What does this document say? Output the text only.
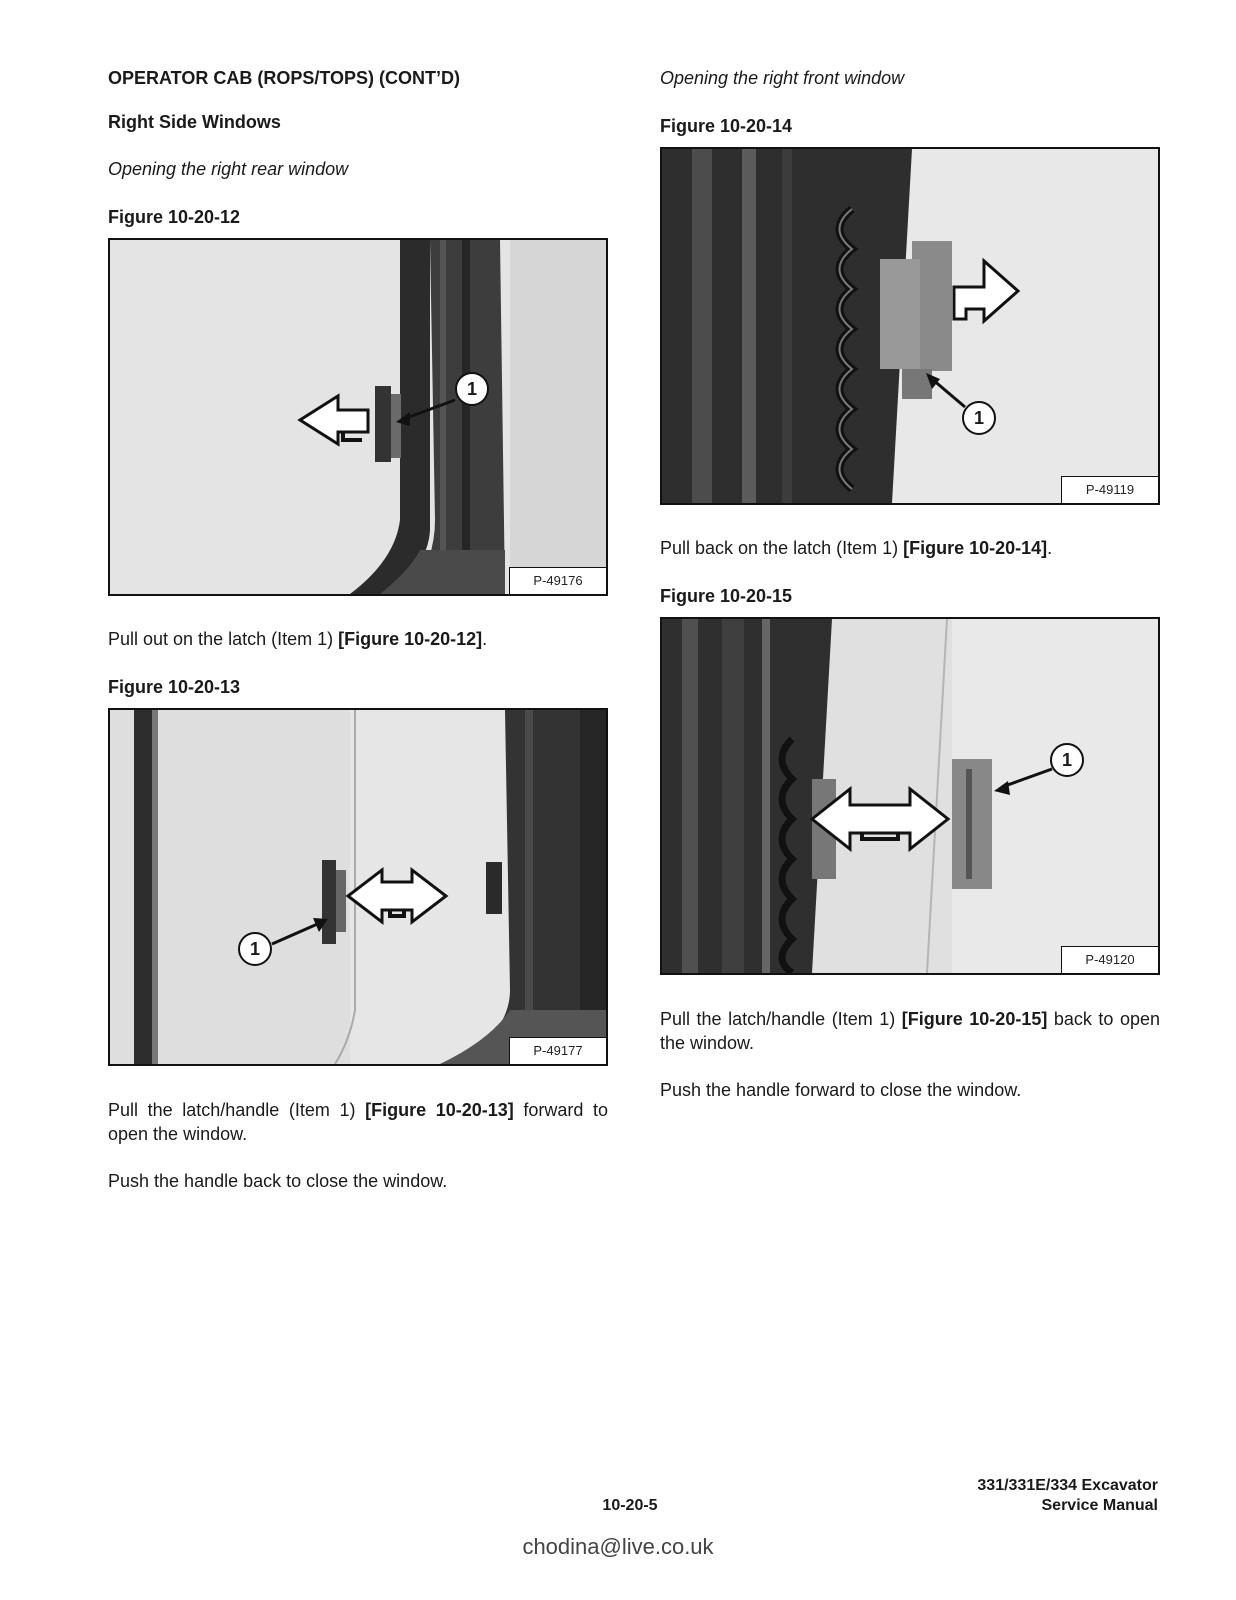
OPERATOR CAB (ROPS/TOPS) (CONT’D)

Right Side Windows

Opening the right rear window

Figure 10-20-12

1
P-49176

Pull out on the latch (Item 1) [Figure 10-20-12].

Figure 10-20-13

1
P-49177

Pull the latch/handle (Item 1) [Figure 10-20-13] forward to open the window.

Push the handle back to close the window.

Opening the right front window

Figure 10-20-14

1
P-49119

Pull back on the latch (Item 1) [Figure 10-20-14].

Figure 10-20-15

1
P-49120

Pull the latch/handle (Item 1) [Figure 10-20-15] back to open the window.

Push the handle forward to close the window.

10-20-5
331/331E/334 Excavator
Service Manual
chodina@live.co.uk
